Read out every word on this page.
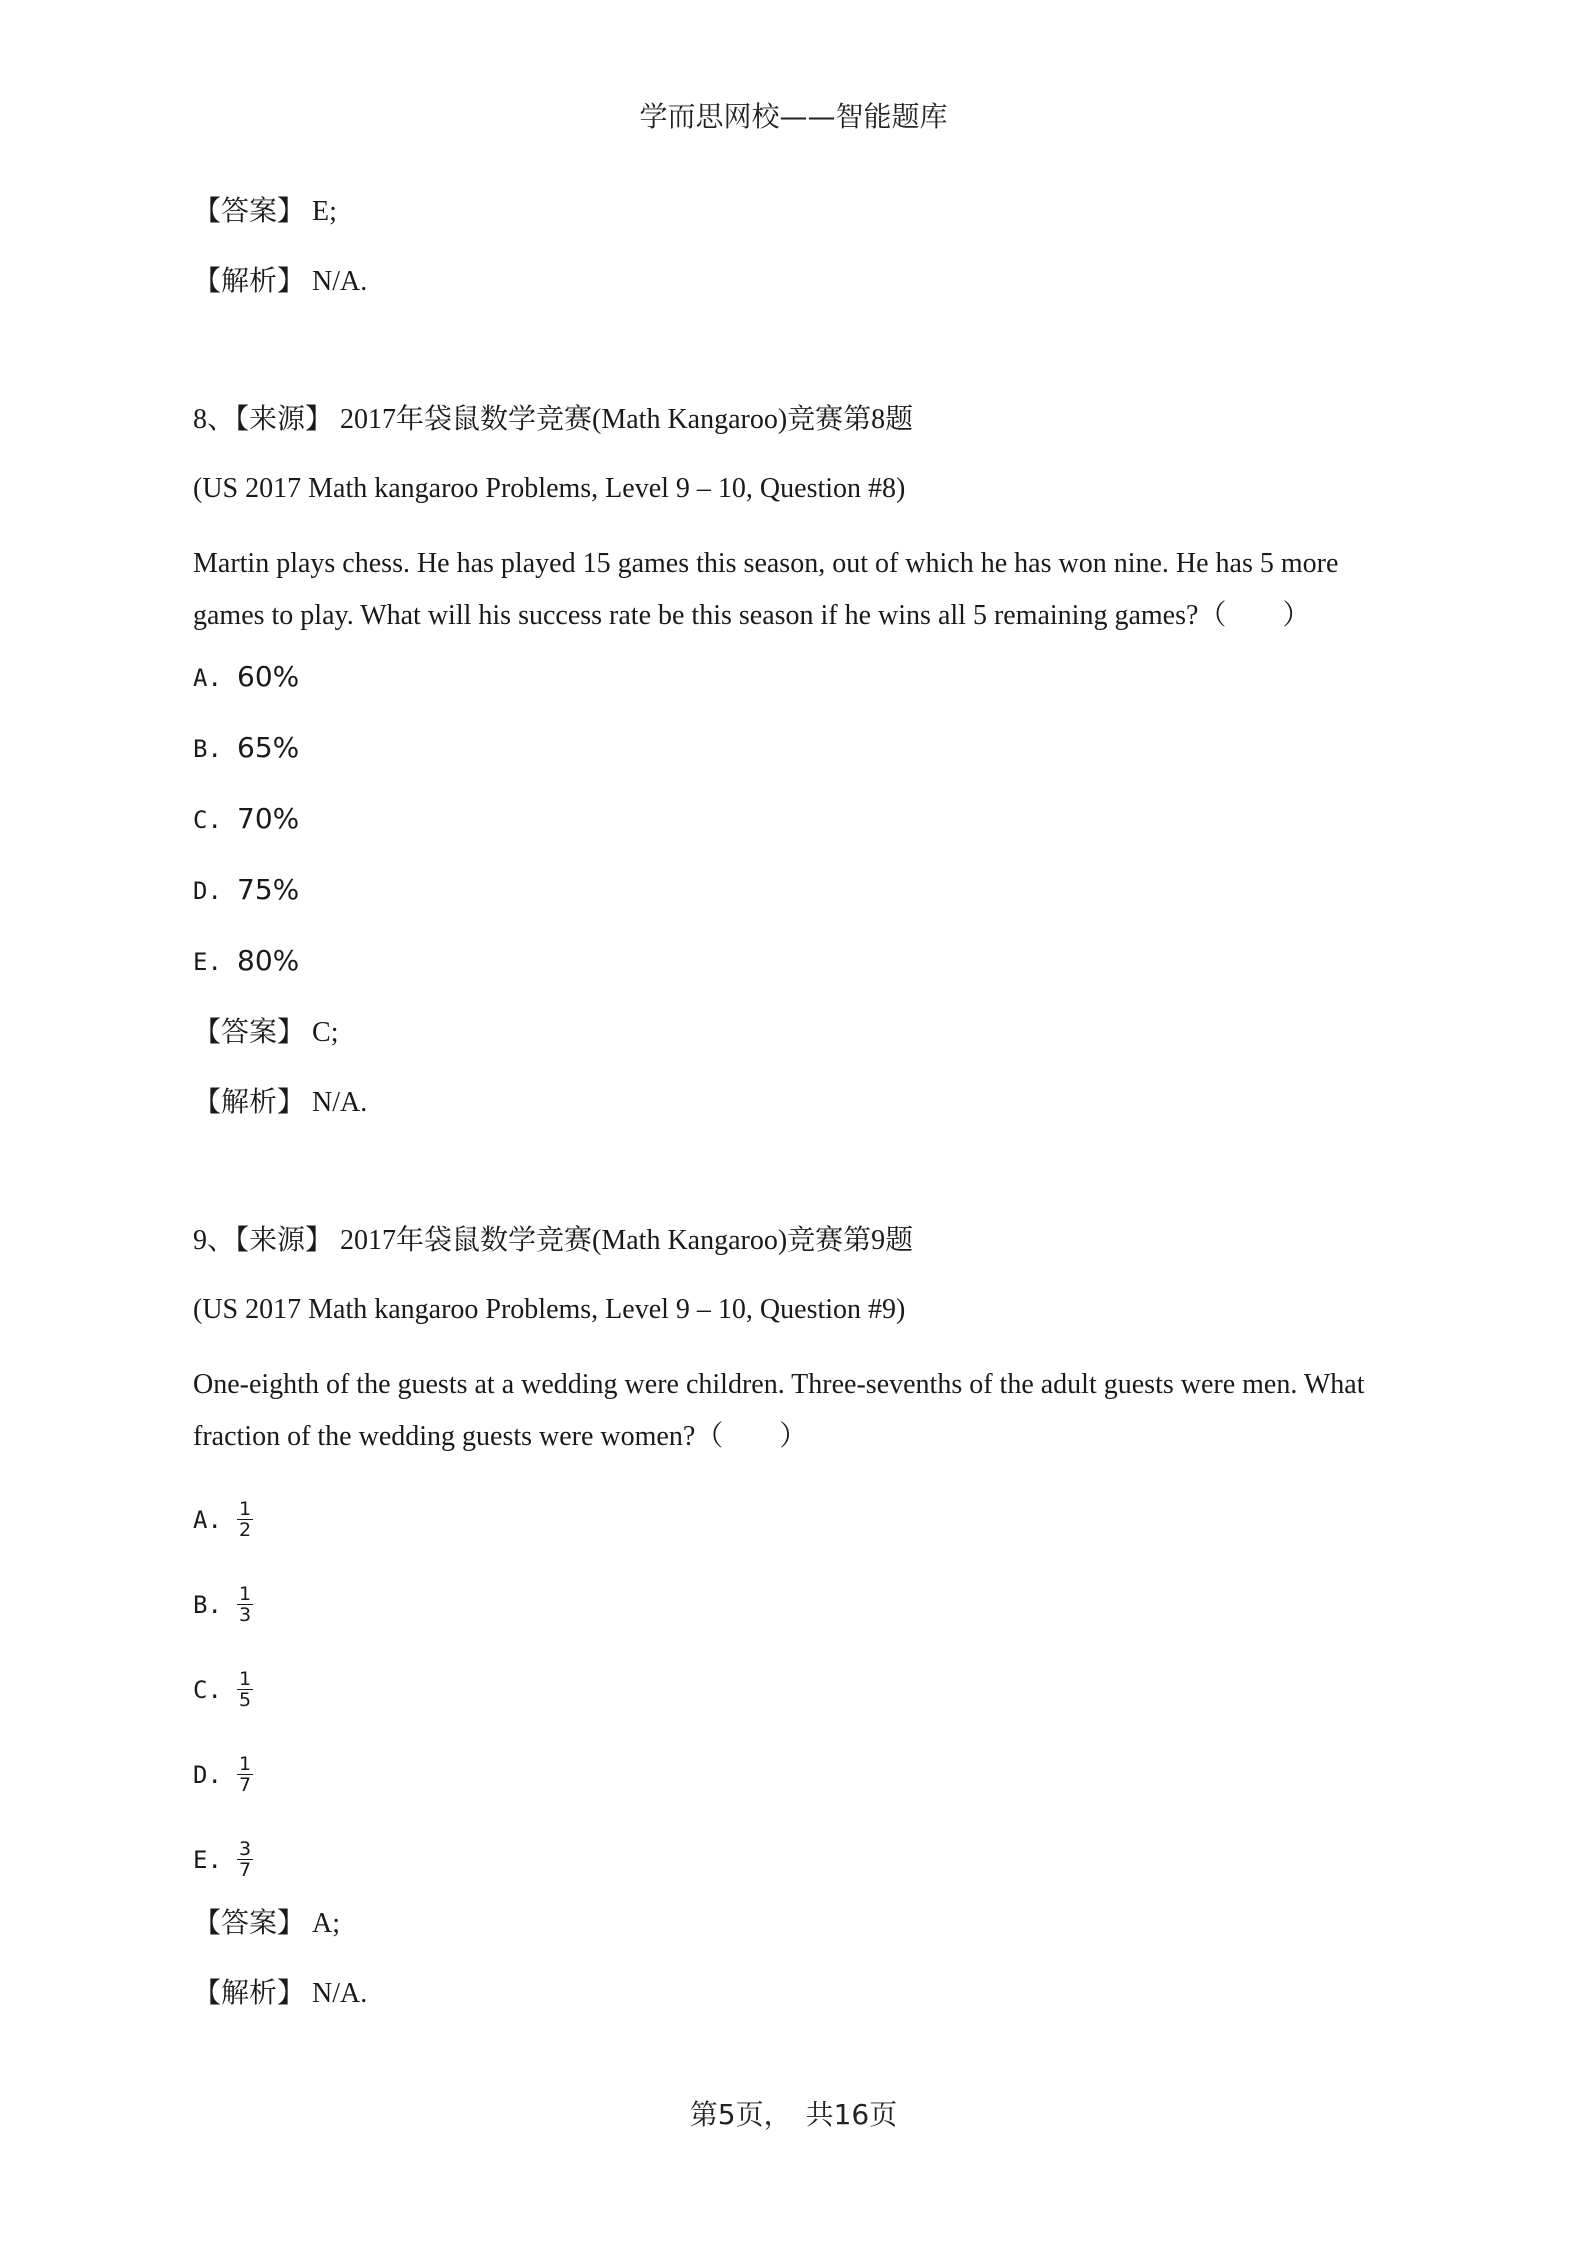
学而思网校——智能题库
【答案】 E;
【解析】 N/A.
8、【来源】 2017年袋鼠数学竞赛(Math Kangaroo)竞赛第8题
(US 2017 Math kangaroo Problems, Level 9 – 10, Question #8)
Martin plays chess. He has played 15 games this season, out of which he has won nine. He has 5 more games to play. What will his success rate be this season if he wins all 5 remaining games?（　　）
A. 60%
B. 65%
C. 70%
D. 75%
E. 80%
【答案】 C;
【解析】 N/A.
9、【来源】 2017年袋鼠数学竞赛(Math Kangaroo)竞赛第9题
(US 2017 Math kangaroo Problems, Level 9 – 10, Question #9)
One-eighth of the guests at a wedding were children. Three-sevenths of the adult guests were men. What fraction of the wedding guests were women?（　　）
A. $\frac{1}{2}$
B. $\frac{1}{3}$
C. $\frac{1}{5}$
D. $\frac{1}{7}$
E. $\frac{3}{7}$
【答案】 A;
【解析】 N/A.
第5页，　共16页
